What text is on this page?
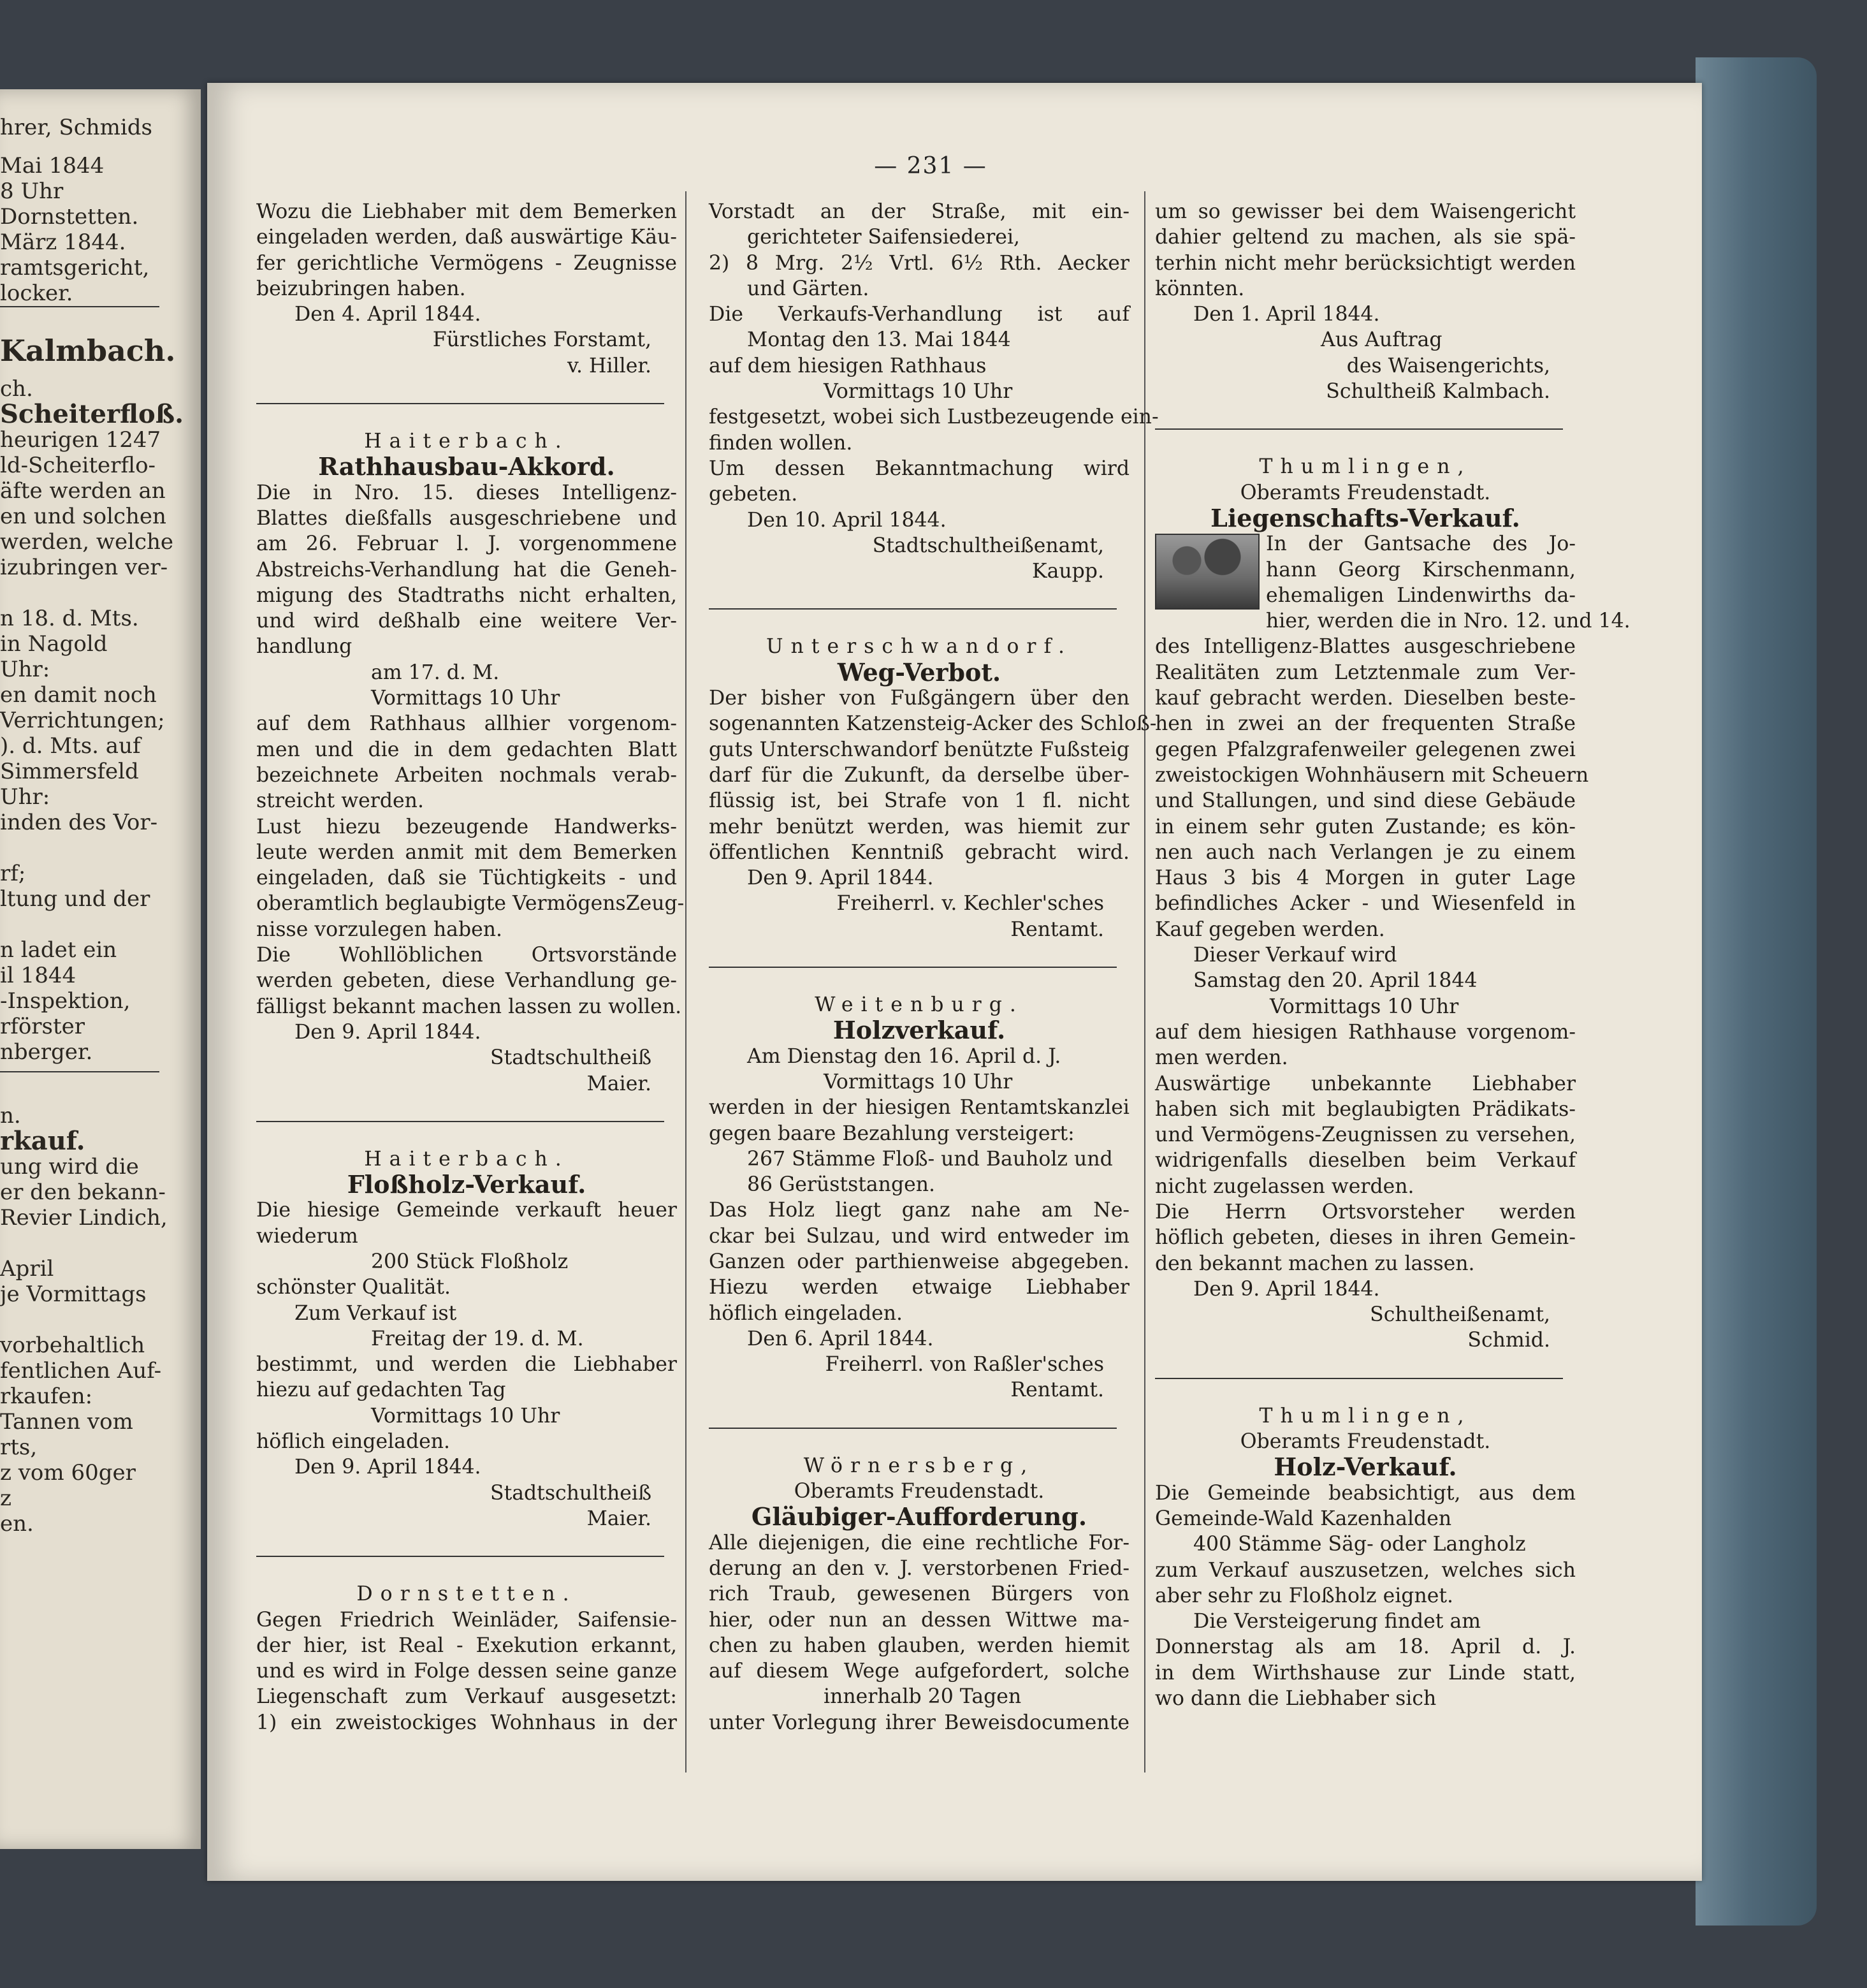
hrer, Schmids
Mai 1844
8 Uhr
Dornstetten.
März 1844.
ramtsgericht,
locker.
Kalmbach.
ch.
Scheiterfloß.
heurigen 1247
ld-Scheiterflo-
äfte werden an
en und solchen
werden, welche
izubringen ver-
n 18. d. Mts.
in Nagold
Uhr:
en damit noch
Verrichtungen;
). d. Mts. auf
Simmersfeld
Uhr:
inden des Vor-
rf;
ltung und der
n ladet ein
il 1844
-Inspektion,
rförster
nberger.
n.
rkauf.
ung wird die
er den bekann-
Revier Lindich,
April
je Vormittags
vorbehaltlich
fentlichen Auf-
rkaufen:
Tannen vom
rts,
z vom 60ger
z
en.
— 231 —

Wozu die Liebhaber mit dem Bemerken

eingeladen werden, daß auswärtige Käu-

fer gerichtliche Vermögens - Zeugnisse

beizubringen haben.

Den 4. April 1844.

Fürstliches Forstamt,

v. Hiller.

Haiterbach.

Rathhausbau-Akkord.

Die in Nro. 15. dieses Intelligenz-

Blattes dießfalls ausgeschriebene und

am 26. Februar l. J. vorgenommene

Abstreichs-Verhandlung hat die Geneh-

migung des Stadtraths nicht erhalten,

und wird deßhalb eine weitere Ver-

handlung

am 17. d. M.

Vormittags 10 Uhr

auf dem Rathhaus allhier vorgenom-

men und die in dem gedachten Blatt

bezeichnete Arbeiten nochmals verab-

streicht werden.

Lust hiezu bezeugende Handwerks-

leute werden anmit mit dem Bemerken

eingeladen, daß sie Tüchtigkeits - und

oberamtlich beglaubigte VermögensZeug-

nisse vorzulegen haben.

Die Wohllöblichen Ortsvorstände

werden gebeten, diese Verhandlung ge-

fälligst bekannt machen lassen zu wollen.

Den 9. April 1844.

Stadtschultheiß

Maier.

Haiterbach.

Floßholz-Verkauf.

Die hiesige Gemeinde verkauft heuer

wiederum

200 Stück Floßholz

schönster Qualität.

Zum Verkauf ist

Freitag der 19. d. M.

bestimmt, und werden die Liebhaber

hiezu auf gedachten Tag

Vormittags 10 Uhr

höflich eingeladen.

Den 9. April 1844.

Stadtschultheiß

Maier.

Dornstetten.

Gegen Friedrich Weinläder, Saifensie-

der hier, ist Real - Exekution erkannt,

und es wird in Folge dessen seine ganze

Liegenschaft zum Verkauf ausgesetzt:

1) ein zweistockiges Wohnhaus in der

Vorstadt an der Straße, mit ein-

gerichteter Saifensiederei,

2) 8 Mrg. 2½ Vrtl. 6½ Rth. Aecker

und Gärten.

Die Verkaufs-Verhandlung ist auf

Montag den 13. Mai 1844

auf dem hiesigen Rathhaus

Vormittags 10 Uhr

festgesetzt, wobei sich Lustbezeugende ein-

finden wollen.

Um dessen Bekanntmachung wird

gebeten.

Den 10. April 1844.

Stadtschultheißenamt,

Kaupp.

Unterschwandorf.

Weg-Verbot.

Der bisher von Fußgängern über den

sogenannten Katzensteig-Acker des Schloß-

guts Unterschwandorf benützte Fußsteig

darf für die Zukunft, da derselbe über-

flüssig ist, bei Strafe von 1 fl. nicht

mehr benützt werden, was hiemit zur

öffentlichen Kenntniß gebracht wird.

Den 9. April 1844.

Freiherrl. v. Kechler'sches

Rentamt.

Weitenburg.

Holzverkauf.

Am Dienstag den 16. April d. J.

Vormittags 10 Uhr

werden in der hiesigen Rentamtskanzlei

gegen baare Bezahlung versteigert:

267 Stämme Floß- und Bauholz und

86 Gerüststangen.

Das Holz liegt ganz nahe am Ne-

ckar bei Sulzau, und wird entweder im

Ganzen oder parthienweise abgegeben.

Hiezu werden etwaige Liebhaber

höflich eingeladen.

Den 6. April 1844.

Freiherrl. von Raßler'sches

Rentamt.

Wörnersberg,

Oberamts Freudenstadt.

Gläubiger-Aufforderung.

Alle diejenigen, die eine rechtliche For-

derung an den v. J. verstorbenen Fried-

rich Traub, gewesenen Bürgers von

hier, oder nun an dessen Wittwe ma-

chen zu haben glauben, werden hiemit

auf diesem Wege aufgefordert, solche

innerhalb 20 Tagen

unter Vorlegung ihrer Beweisdocumente

um so gewisser bei dem Waisengericht

dahier geltend zu machen, als sie spä-

terhin nicht mehr berücksichtigt werden

könnten.

Den 1. April 1844.

Aus Auftrag

des Waisengerichts,

Schultheiß Kalmbach.

Thumlingen,

Oberamts Freudenstadt.

Liegenschafts-Verkauf.

In der Gantsache des Jo-

hann Georg Kirschenmann,

ehemaligen Lindenwirths da-

hier, werden die in Nro. 12. und 14.

des Intelligenz-Blattes ausgeschriebene

Realitäten zum Letztenmale zum Ver-

kauf gebracht werden. Dieselben beste-

hen in zwei an der frequenten Straße

gegen Pfalzgrafenweiler gelegenen zwei

zweistockigen Wohnhäusern mit Scheuern

und Stallungen, und sind diese Gebäude

in einem sehr guten Zustande; es kön-

nen auch nach Verlangen je zu einem

Haus 3 bis 4 Morgen in guter Lage

befindliches Acker - und Wiesenfeld in

Kauf gegeben werden.

Dieser Verkauf wird

Samstag den 20. April 1844

Vormittags 10 Uhr

auf dem hiesigen Rathhause vorgenom-

men werden.

Auswärtige unbekannte Liebhaber

haben sich mit beglaubigten Prädikats-

und Vermögens-Zeugnissen zu versehen,

widrigenfalls dieselben beim Verkauf

nicht zugelassen werden.

Die Herrn Ortsvorsteher werden

höflich gebeten, dieses in ihren Gemein-

den bekannt machen zu lassen.

Den 9. April 1844.

Schultheißenamt,

Schmid.

Thumlingen,

Oberamts Freudenstadt.

Holz-Verkauf.

Die Gemeinde beabsichtigt, aus dem

Gemeinde-Wald Kazenhalden

400 Stämme Säg- oder Langholz

zum Verkauf auszusetzen, welches sich

aber sehr zu Floßholz eignet.

Die Versteigerung findet am

Donnerstag als am 18. April d. J.

in dem Wirthshause zur Linde statt,

wo dann die Liebhaber sich
